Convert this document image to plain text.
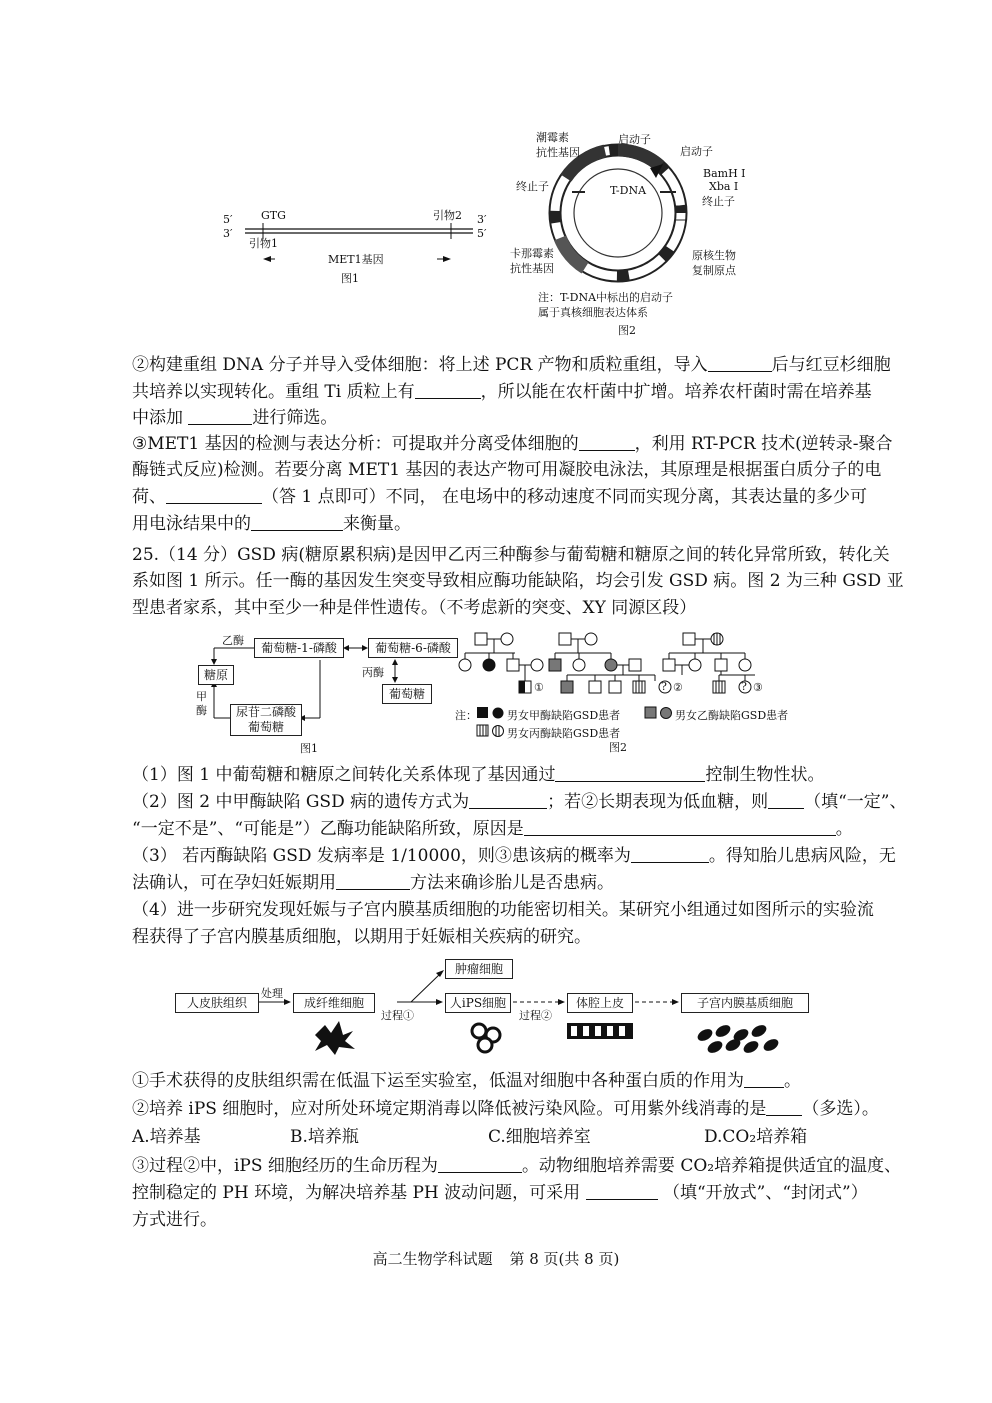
5′
3′
3′
5′
GTG	引物2
引物1
MET1基因
图1
潮霉素
抗性基因
启动子
启动子
BamH Ⅰ
Xba Ⅰ
终止子
终止子	T-DNA
卡那霉素
抗性基因
原核生物
复制原点
注：T-DNA中标出的启动子
属于真核细胞表达体系
图2
②构建重组 DNA 分子并导入受体细胞：将上述 PCR 产物和质粒重组，导入	后与红豆杉细胞
共培养以实现转化。重组 Ti 质粒上有	，所以能在农杆菌中扩增。培养农杆菌时需在培养基
中添加	进行筛选。
③MET1 基因的检测与表达分析：可提取并分离受体细胞的	，利用 RT-PCR 技术(逆转录-聚合
酶链式反应)检测。若要分离 MET1 基因的表达产物可用凝胶电泳法，其原理是根据蛋白质分子的电
荷、	（答 1 点即可）不同， 在电场中的移动速度不同而实现分离，其表达量的多少可
用电泳结果中的	来衡量。
25.（14 分）GSD 病(糖原累积病)是因甲乙丙三种酶参与葡萄糖和糖原之间的转化异常所致，转化关
系如图 1 所示。任一酶的基因发生突变导致相应酶功能缺陷，均会引发 GSD 病。图 2 为三种 GSD 亚
型患者家系，其中至少一种是伴性遗传。（不考虑新的突变、XY 同源区段）
乙酶
葡萄糖-1-磷酸	葡萄糖-6-磷酸
糖原	丙酶
葡萄糖
甲酶	尿苷二磷酸
葡萄糖
图1
①	? ②	? ③
注：	男女甲酶缺陷GSD患者	男女乙酶缺陷GSD患者
男女丙酶缺陷GSD患者
图2
（1）图 1 中葡萄糖和糖原之间转化关系体现了基因通过	控制生物性状。
（2）图 2 中甲酶缺陷 GSD 病的遗传方式为	；若②长期表现为低血糖，则 （填“一定”、
“一定不是”、“可能是”）乙酶功能缺陷所致，原因是	。
（3） 若丙酶缺陷 GSD 发病率是 1/10000，则③患该病的概率为	。得知胎儿患病风险，无
法确认，可在孕妇妊娠期用	方法来确诊胎儿是否患病。
（4）进一步研究发现妊娠与子宫内膜基质细胞的功能密切相关。某研究小组通过如图所示的实验流
程获得了子宫内膜基质细胞，以期用于妊娠相关疾病的研究。
人皮肤组织
处理
成纤维细胞
肿瘤细胞
过程①
人iPS细胞
过程②
体腔上皮	子宫内膜基质细胞
①手术获得的皮肤组织需在低温下运至实验室，低温对细胞中各种蛋白质的作用为 。
②培养 iPS 细胞时，应对所处环境定期消毒以降低被污染风险。可用紫外线消毒的是 （多选）。
A.培养基	B.培养瓶	C.细胞培养室	D.CO₂培养箱
③过程②中，iPS 细胞经历的生命历程为	。动物细胞培养需要 CO₂培养箱提供适宜的温度、
控制稳定的 PH 环境，为解决培养基 PH 波动问题，可采用	（填“开放式”、“封闭式”）
方式进行。
高二生物学科试题 第 8 页(共 8 页)
